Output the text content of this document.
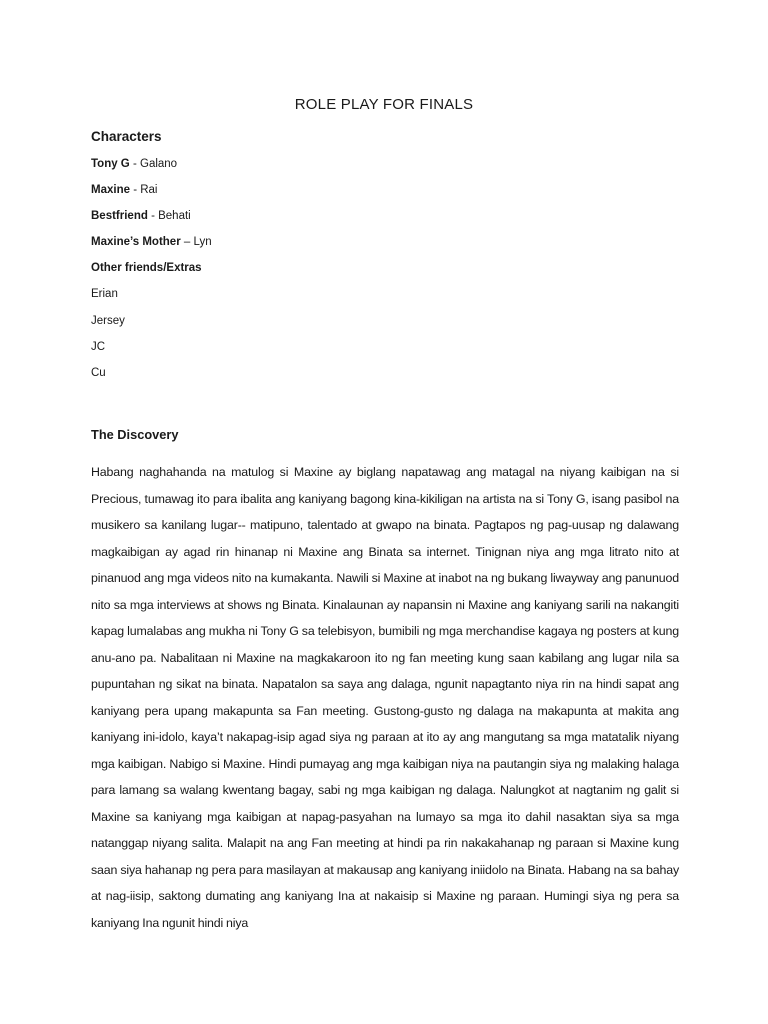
ROLE PLAY FOR FINALS
Characters
Tony G - Galano
Maxine - Rai
Bestfriend - Behati
Maxine’s Mother – Lyn
Other friends/Extras
Erian
Jersey
JC
Cu
The Discovery

Habang naghahanda na matulog si Maxine ay biglang napatawag ang matagal na niyang kaibigan na si Precious, tumawag ito para ibalita ang kaniyang bagong kina-kikiligan na artista na si Tony G, isang pasibol na musikero sa kanilang lugar-- matipuno, talentado at gwapo na binata. Pagtapos ng pag-uusap ng dalawang magkaibigan ay agad rin hinanap ni Maxine ang Binata sa internet. Tinignan niya ang mga litrato nito at pinanuod ang mga videos nito na kumakanta. Nawili si Maxine at inabot na ng bukang liwayway ang panunuod nito sa mga interviews at shows ng Binata. Kinalaunan ay napansin ni Maxine ang kaniyang sarili na nakangiti kapag lumalabas ang mukha ni Tony G sa telebisyon, bumibili ng mga merchandise kagaya ng posters at kung anu-ano pa. Nabalitaan ni Maxine na magkakaroon ito ng fan meeting kung saan kabilang ang lugar nila sa pupuntahan ng sikat na binata. Napatalon sa saya ang dalaga, ngunit napagtanto niya rin na hindi sapat ang kaniyang pera upang makapunta sa Fan meeting. Gustong-gusto ng dalaga na makapunta at makita ang kaniyang ini-idolo, kaya’t nakapag-isip agad siya ng paraan at ito ay ang mangutang sa mga matatalik niyang mga kaibigan. Nabigo si Maxine. Hindi pumayag ang mga kaibigan niya na pautangin siya ng malaking halaga para lamang sa walang kwentang bagay, sabi ng mga kaibigan ng dalaga. Nalungkot at nagtanim ng galit si Maxine sa kaniyang mga kaibigan at napag-pasyahan na lumayo sa mga ito dahil nasaktan siya sa mga natanggap niyang salita. Malapit na ang Fan meeting at hindi pa rin nakakahanap ng paraan si Maxine kung saan siya hahanap ng pera para masilayan at makausap ang kaniyang iniidolo na Binata. Habang na sa bahay at nag-iisip, saktong dumating ang kaniyang Ina at nakaisip si Maxine ng paraan. Humingi siya ng pera sa kaniyang Ina ngunit hindi niya
